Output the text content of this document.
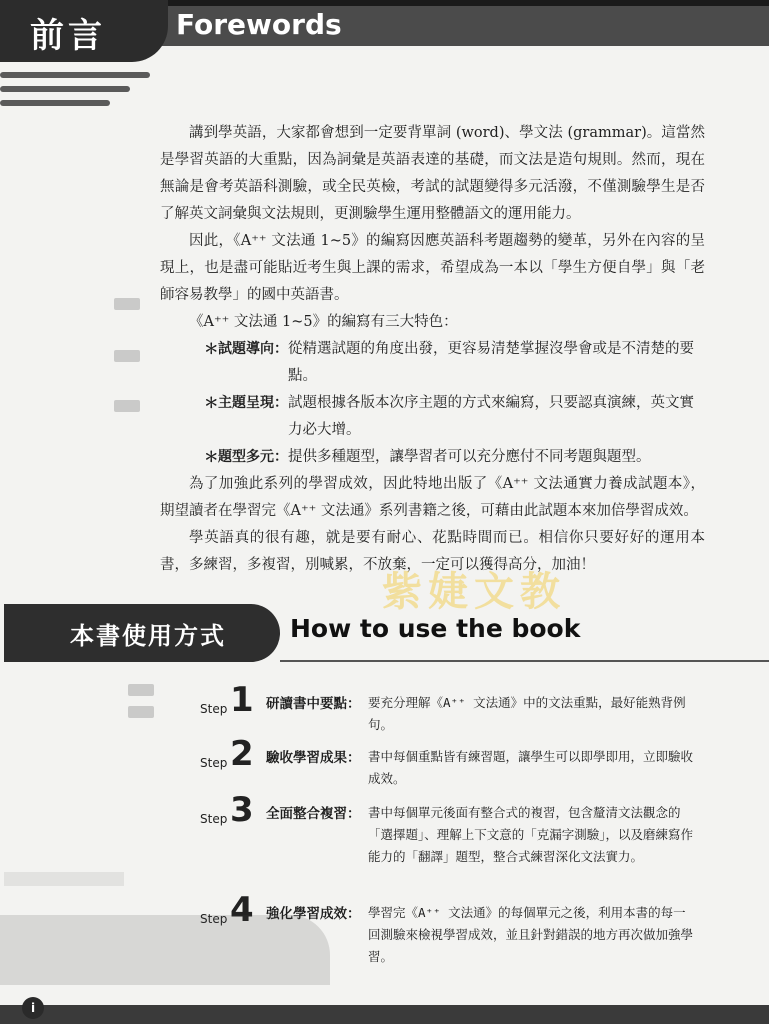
前言	Forewords

講到學英語，大家都會想到一定要背單詞 (word)、學文法 (grammar)。這當然是學習英語的大重點，因為詞彙是英語表達的基礎，而文法是造句規則。然而，現在無論是會考英語科測驗，或全民英檢，考試的試題變得多元活潑，不僅測驗學生是否了解英文詞彙與文法規則，更測驗學生運用整體語文的運用能力。

因此，《A⁺⁺ 文法通 1~5》的編寫因應英語科考題趨勢的變革，另外在內容的呈現上，也是盡可能貼近考生與上課的需求，希望成為一本以「學生方便自學」與「老師容易教學」的國中英語書。

《A⁺⁺ 文法通 1~5》的編寫有三大特色：

＊ 試題導向： 從精選試題的角度出發，更容易清楚掌握沒學會或是不清楚的要點。
＊ 主題呈現： 試題根據各版本次序主題的方式來編寫，只要認真演練，英文實力必大增。
＊ 題型多元： 提供多種題型，讓學習者可以充分應付不同考題與題型。

為了加強此系列的學習成效，因此特地出版了《A⁺⁺ 文法通實力養成試題本》，期望讀者在學習完《A⁺⁺ 文法通》系列書籍之後，可藉由此試題本來加倍學習成效。

學英語真的很有趣，就是要有耐心、花點時間而已。相信你只要好好的運用本書，多練習，多複習，別喊累，不放棄，一定可以獲得高分，加油！

紫婕文教
本書使用方式	How to use the book
Step 1 研讀書中要點： 要充分理解《A⁺⁺ 文法通》中的文法重點，最好能熟背例句。
Step 2 驗收學習成果： 書中每個重點皆有練習題，讓學生可以即學即用，立即驗收成效。
Step 3 全面整合複習： 書中每個單元後面有整合式的複習，包含釐清文法觀念的「選擇題」、理解上下文意的「克漏字測驗」，以及磨練寫作能力的「翻譯」題型，整合式練習深化文法實力。
Step 4 強化學習成效： 學習完《A⁺⁺ 文法通》的每個單元之後，利用本書的每一回測驗來檢視學習成效，並且針對錯誤的地方再次做加強學習。
i
